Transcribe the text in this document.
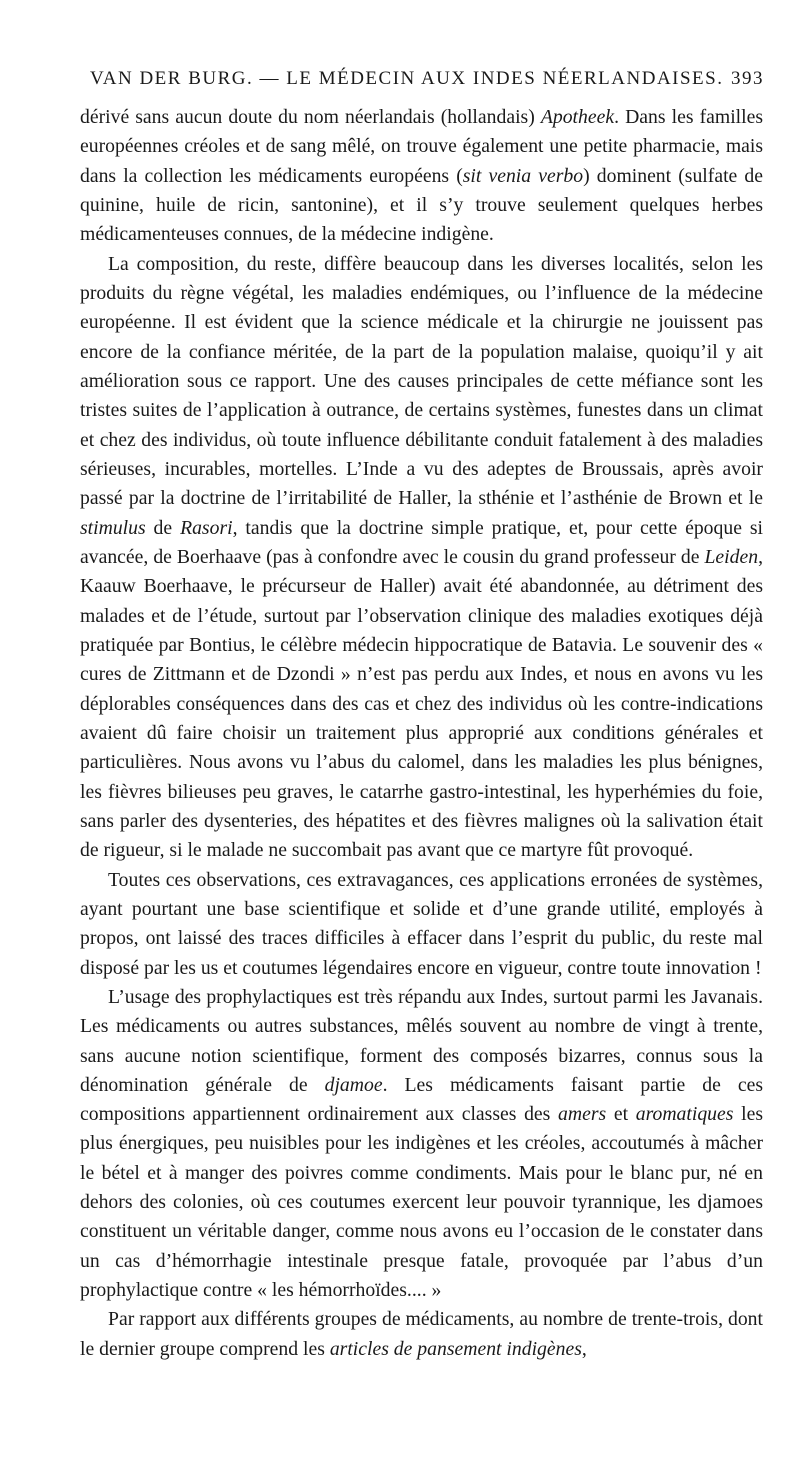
VAN DER BURG. — LE MÉDECIN AUX INDES NÉERLANDAISES. 393

dérivé sans aucun doute du nom néerlandais (hollandais) Apotheek. Dans les familles européennes créoles et de sang mêlé, on trouve également une petite pharmacie, mais dans la collection les médicaments européens (sit venia verbo) dominent (sulfate de quinine, huile de ricin, santonine), et il s’y trouve seulement quelques herbes médicamenteuses connues, de la médecine indigène.

La composition, du reste, diffère beaucoup dans les diverses localités, selon les produits du règne végétal, les maladies endémiques, ou l’influence de la médecine européenne. Il est évident que la science médicale et la chirurgie ne jouissent pas encore de la confiance méritée, de la part de la population malaise, quoiqu’il y ait amélioration sous ce rapport. Une des causes principales de cette méfiance sont les tristes suites de l’application à outrance, de certains systèmes, funestes dans un climat et chez des individus, où toute influence débilitante conduit fatalement à des maladies sérieuses, incurables, mortelles. L’Inde a vu des adeptes de Broussais, après avoir passé par la doctrine de l’irritabilité de Haller, la sthénie et l’asthénie de Brown et le stimulus de Rasori, tandis que la doctrine simple pratique, et, pour cette époque si avancée, de Boerhaave (pas à confondre avec le cousin du grand professeur de Leiden, Kaauw Boerhaave, le précurseur de Haller) avait été abandonnée, au détriment des malades et de l’étude, surtout par l’observation clinique des maladies exotiques déjà pratiquée par Bontius, le célèbre médecin hippocratique de Batavia. Le souvenir des « cures de Zittmann et de Dzondi » n’est pas perdu aux Indes, et nous en avons vu les déplorables conséquences dans des cas et chez des individus où les contre-indications avaient dû faire choisir un traitement plus approprié aux conditions générales et particulières. Nous avons vu l’abus du calomel, dans les maladies les plus bénignes, les fièvres bilieuses peu graves, le catarrhe gastro-intestinal, les hyperhémies du foie, sans parler des dysenteries, des hépatites et des fièvres malignes où la salivation était de rigueur, si le malade ne succombait pas avant que ce martyre fût provoqué.

Toutes ces observations, ces extravagances, ces applications erronées de systèmes, ayant pourtant une base scientifique et solide et d’une grande utilité, employés à propos, ont laissé des traces difficiles à effacer dans l’esprit du public, du reste mal disposé par les us et coutumes légendaires encore en vigueur, contre toute innovation !

L’usage des prophylactiques est très répandu aux Indes, surtout parmi les Javanais. Les médicaments ou autres substances, mêlés souvent au nombre de vingt à trente, sans aucune notion scientifique, forment des composés bizarres, connus sous la dénomination générale de djamoe. Les médicaments faisant partie de ces compositions appartiennent ordinairement aux classes des amers et aromatiques les plus énergiques, peu nuisibles pour les indigènes et les créoles, accoutumés à mâcher le bétel et à manger des poivres comme condiments. Mais pour le blanc pur, né en dehors des colonies, où ces coutumes exercent leur pouvoir tyrannique, les djamoes constituent un véritable danger, comme nous avons eu l’occasion de le constater dans un cas d’hémorrhagie intestinale presque fatale, provoquée par l’abus d’un prophylactique contre « les hémorrhoïdes.... »

Par rapport aux différents groupes de médicaments, au nombre de trente-trois, dont le dernier groupe comprend les articles de pansement indigènes,
